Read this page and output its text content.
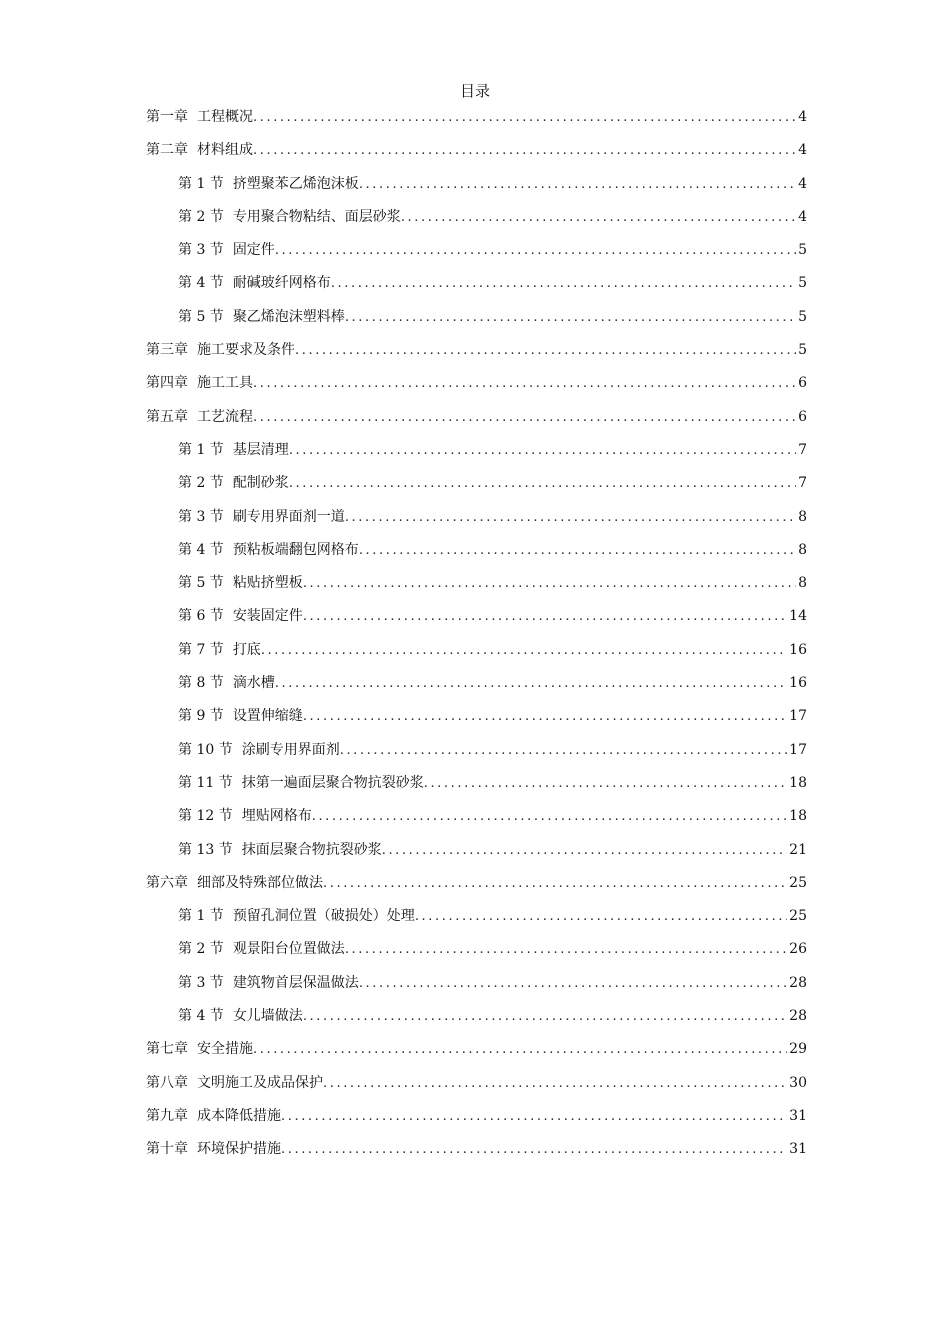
目录
第一章 工程概况 .....	4
第二章 材料组成 .....	4
第 1 节 挤塑聚苯乙烯泡沫板 .....	4
第 2 节 专用聚合物粘结、面层砂浆 .....	4
第 3 节 固定件 .....	5
第 4 节 耐碱玻纤网格布 .....	5
第 5 节 聚乙烯泡沫塑料棒 .....	5
第三章 施工要求及条件 .....	5
第四章 施工工具 .....	6
第五章 工艺流程 .....	6
第 1 节 基层清理 .....	7
第 2 节 配制砂浆 .....	7
第 3 节 刷专用界面剂一道 .....	8
第 4 节 预粘板端翻包网格布 .....	8
第 5 节 粘贴挤塑板 .....	8
第 6 节 安装固定件 .....	14
第 7 节 打底 .....	16
第 8 节 滴水槽 .....	16
第 9 节 设置伸缩缝 .....	17
第 10 节 涂刷专用界面剂 .....	17
第 11 节 抹第一遍面层聚合物抗裂砂浆 .....	18
第 12 节 埋贴网格布 .....	18
第 13 节 抹面层聚合物抗裂砂浆 .....	21
第六章 细部及特殊部位做法 .....	25
第 1 节 预留孔洞位置（破损处）处理 .....	25
第 2 节 观景阳台位置做法 .....	26
第 3 节 建筑物首层保温做法 .....	28
第 4 节 女儿墙做法 .....	28
第七章 安全措施 .....	29
第八章 文明施工及成品保护 .....	30
第九章 成本降低措施 .....	31
第十章 环境保护措施 .....	31
